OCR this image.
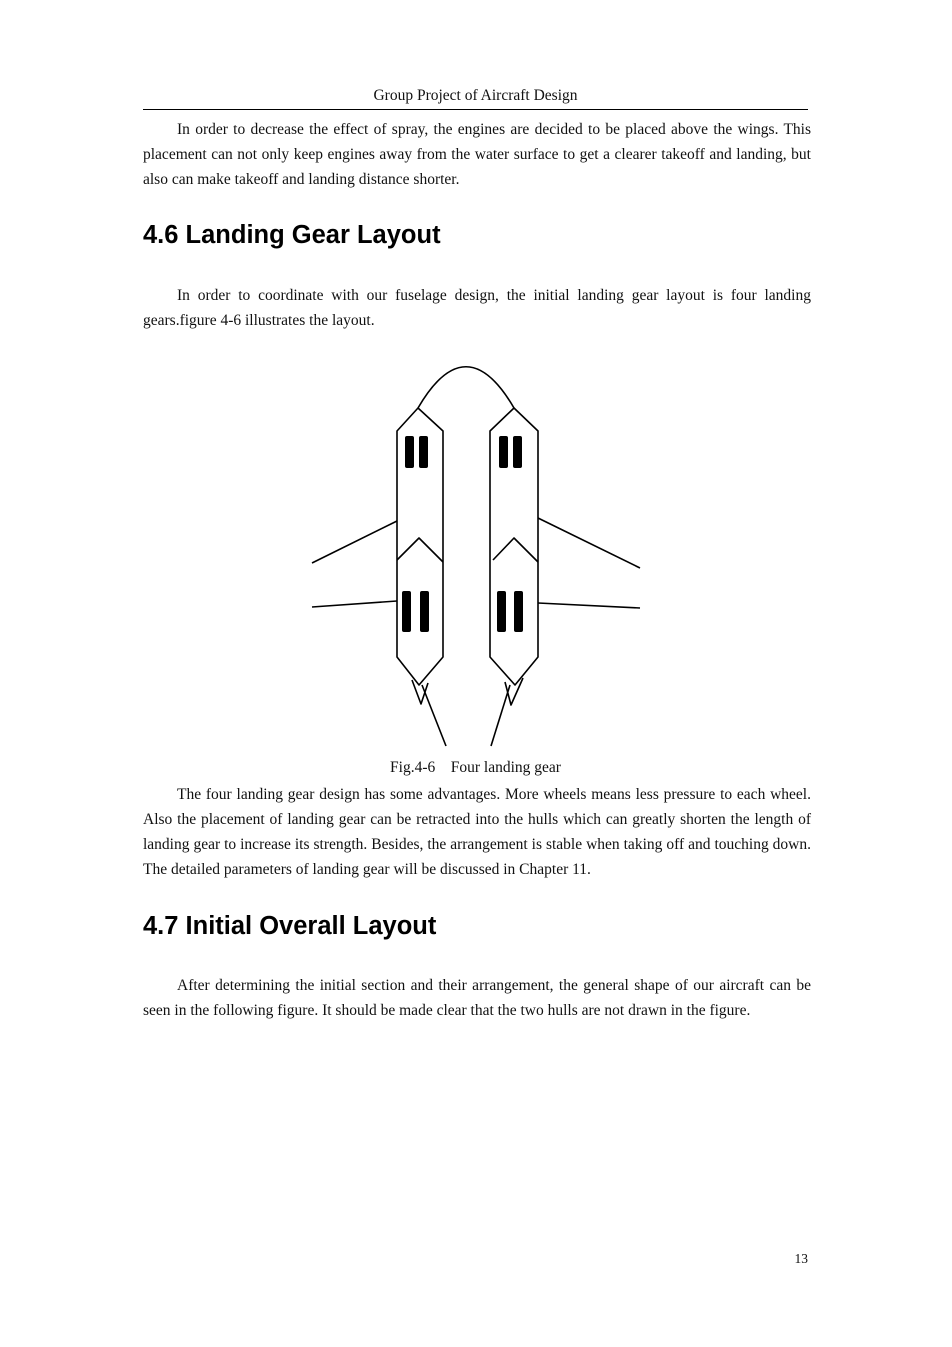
Group Project of Aircraft Design

In order to decrease the effect of spray, the engines are decided to be placed above the wings. This placement can not only keep engines away from the water surface to get a clearer takeoff and landing, but also can make takeoff and landing distance shorter.

4.6 Landing Gear Layout

In order to coordinate with our fuselage design, the initial landing gear layout is four landing gears.figure 4-6 illustrates the layout.

Fig.4-6    Four landing gear

The four landing gear design has some advantages. More wheels means less pressure to each wheel. Also the placement of landing gear can be retracted into the hulls which can greatly shorten the length of landing gear to increase its strength. Besides, the arrangement is stable when taking off and touching down. The detailed parameters of landing gear will be discussed in Chapter 11.

4.7 Initial Overall Layout

After determining the initial section and their arrangement, the general shape of our aircraft can be seen in the following figure. It should be made clear that the two hulls are not drawn in the figure.

13
